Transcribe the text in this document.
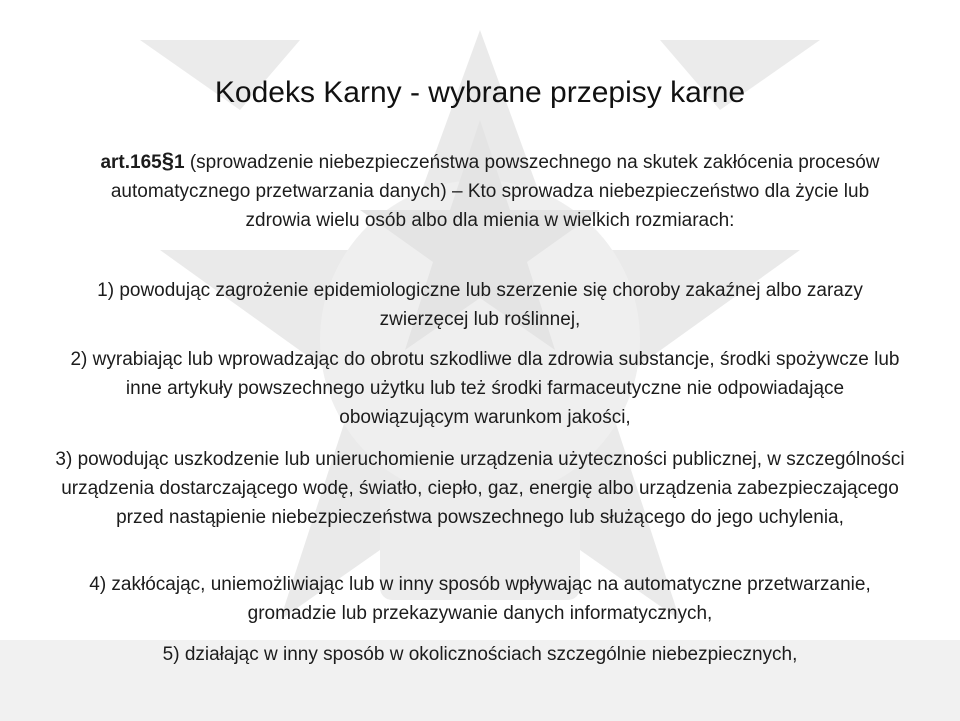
Kodeks Karny - wybrane przepisy karne
art.165§1 (sprowadzenie niebezpieczeństwa powszechnego na skutek zakłócenia procesów automatycznego przetwarzania danych) – Kto sprowadza niebezpieczeństwo dla życie lub zdrowia wielu osób albo dla mienia w wielkich rozmiarach:
1) powodując zagrożenie epidemiologiczne lub szerzenie się choroby zakaźnej albo zarazy zwierzęcej lub roślinnej,
2) wyrabiając lub wprowadzając do obrotu szkodliwe dla zdrowia substancje, środki spożywcze lub inne artykuły powszechnego użytku lub też środki farmaceutyczne nie odpowiadające obowiązującym warunkom jakości,
3) powodując uszkodzenie lub unieruchomienie urządzenia użyteczności publicznej, w szczególności urządzenia dostarczającego wodę, światło, ciepło, gaz, energię albo urządzenia zabezpieczającego przed nastąpienie niebezpieczeństwa powszechnego lub służącego do jego uchylenia,
4) zakłócając, uniemożliwiając lub w inny sposób wpływając na automatyczne przetwarzanie, gromadzie lub przekazywanie danych informatycznych,
5) działając w inny sposób w okolicznościach szczególnie niebezpiecznych,
